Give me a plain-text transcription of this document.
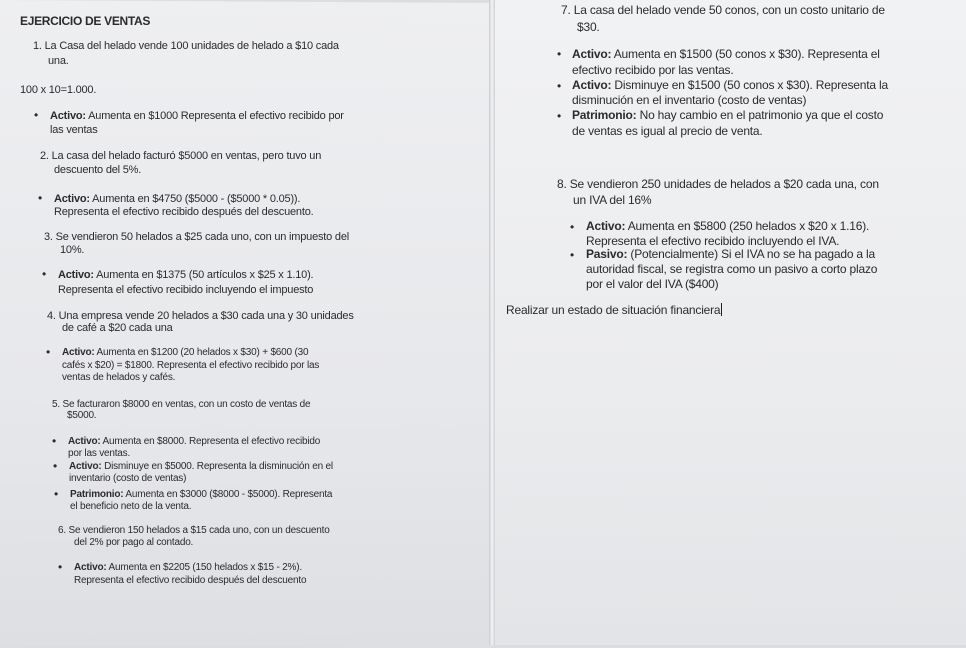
EJERCICIO DE VENTAS
1. La Casa del helado vende 100 unidades de helado a $10 cada
una.
100 x 10=1.000.
• Activo: Aumenta en $1000 Representa el efectivo recibido por
las ventas
2. La casa del helado facturó $5000 en ventas, pero tuvo un
descuento del 5%.
• Activo: Aumenta en $4750 ($5000 - ($5000 * 0.05)).
Representa el efectivo recibido después del descuento.
3. Se vendieron 50 helados a $25 cada uno, con un impuesto del
10%.
• Activo: Aumenta en $1375 (50 artículos x $25 x 1.10).
Representa el efectivo recibido incluyendo el impuesto
4. Una empresa vende 20 helados a $30 cada una y 30 unidades
de café a $20 cada una
• Activo: Aumenta en $1200 (20 helados x $30) + $600 (30
cafés x $20) = $1800. Representa el efectivo recibido por las
ventas de helados y cafés.
5. Se facturaron $8000 en ventas, con un costo de ventas de
$5000.
• Activo: Aumenta en $8000. Representa el efectivo recibido
por las ventas.
• Activo: Disminuye en $5000. Representa la disminución en el
inventario (costo de ventas)
• Patrimonio: Aumenta en $3000 ($8000 - $5000). Representa
el beneficio neto de la venta.
6. Se vendieron 150 helados a $15 cada uno, con un descuento
del 2% por pago al contado.
• Activo: Aumenta en $2205 (150 helados x $15 - 2%).
Representa el efectivo recibido después del descuento
7. La casa del helado vende 50 conos, con un costo unitario de
$30.
• Activo: Aumenta en $1500 (50 conos x $30). Representa el
efectivo recibido por las ventas.
• Activo: Disminuye en $1500 (50 conos x $30). Representa la
disminución en el inventario (costo de ventas)
• Patrimonio: No hay cambio en el patrimonio ya que el costo
de ventas es igual al precio de venta.
8. Se vendieron 250 unidades de helados a $20 cada una, con
un IVA del 16%
• Activo: Aumenta en $5800 (250 helados x $20 x 1.16).
Representa el efectivo recibido incluyendo el IVA.
• Pasivo: (Potencialmente) Si el IVA no se ha pagado a la
autoridad fiscal, se registra como un pasivo a corto plazo
por el valor del IVA ($400)
Realizar un estado de situación financiera
